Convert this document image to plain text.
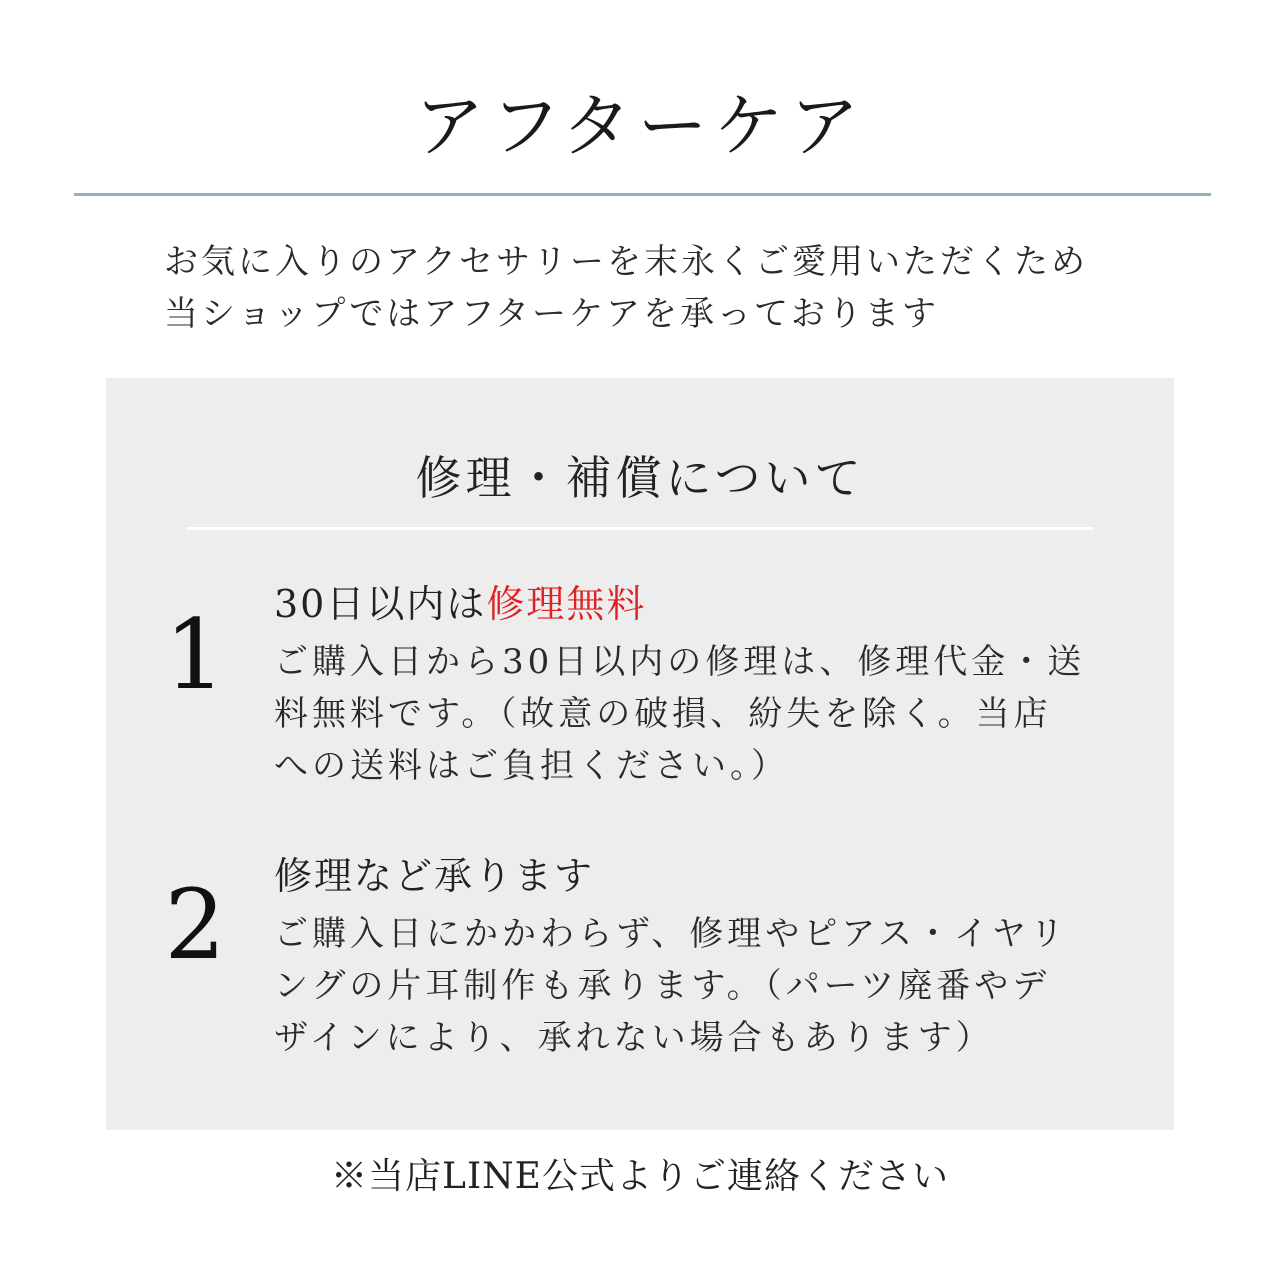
アフターケア
お気に入りのアクセサリーを末永くご愛用いただくため
当ショップではアフターケアを承っております
修理・補償について
1 30日以内は修理無料
ご購入日から30日以内の修理は、修理代金・送
料無料です。（故意の破損、紛失を除く。当店
への送料はご負担ください。）
2 修理など承ります
ご購入日にかかわらず、修理やピアス・イヤリ
ングの片耳制作も承ります。（パーツ廃番やデ
ザインにより、承れない場合もあります）
※当店LINE公式よりご連絡ください
